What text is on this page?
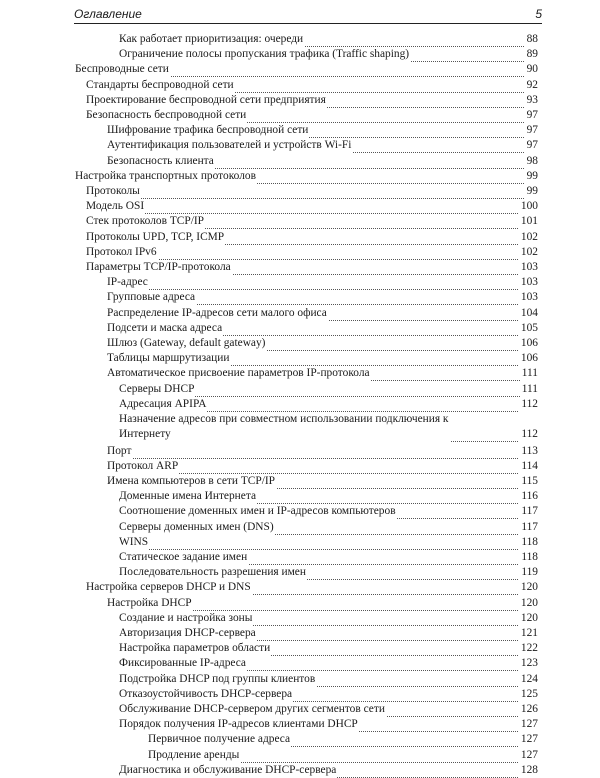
Оглавление	5
Как работает приоритизация: очереди	88
Ограничение полосы пропускания трафика (Traffic shaping)	89
Беспроводные сети	90
Стандарты беспроводной сети	92
Проектирование беспроводной сети предприятия	93
Безопасность беспроводной сети	97
Шифрование трафика беспроводной сети	97
Аутентификация пользователей и устройств Wi-Fi	97
Безопасность клиента	98
Настройка транспортных протоколов	99
Протоколы	99
Модель OSI	100
Стек протоколов TCP/IP	101
Протоколы UPD, TCP, ICMP	102
Протокол IPv6	102
Параметры TCP/IP-протокола	103
IP-адрес	103
Групповые адреса	103
Распределение IP-адресов сети малого офиса	104
Подсети и маска адреса	105
Шлюз (Gateway, default gateway)	106
Таблицы маршрутизации	106
Автоматическое присвоение параметров IP-протокола	111
Серверы DHCP	111
Адресация APIPA	112
Назначение адресов при совместном использовании подключения к Интернету	112
Порт	113
Протокол ARP	114
Имена компьютеров в сети TCP/IP	115
Доменные имена Интернета	116
Соотношение доменных имен и IP-адресов компьютеров	117
Серверы доменных имен (DNS)	117
WINS	118
Статическое задание имен	118
Последовательность разрешения имен	119
Настройка серверов DHCP и DNS	120
Настройка DHCP	120
Создание и настройка зоны	120
Авторизация DHCP-сервера	121
Настройка параметров области	122
Фиксированные IP-адреса	123
Подстройка DHCP под группы клиентов	124
Отказоустойчивость DHCP-сервера	125
Обслуживание DHCP-сервером других сегментов сети	126
Порядок получения IP-адресов клиентами DHCP	127
Первичное получение адреса	127
Продление аренды	127
Диагностика и обслуживание DHCP-сервера	128
